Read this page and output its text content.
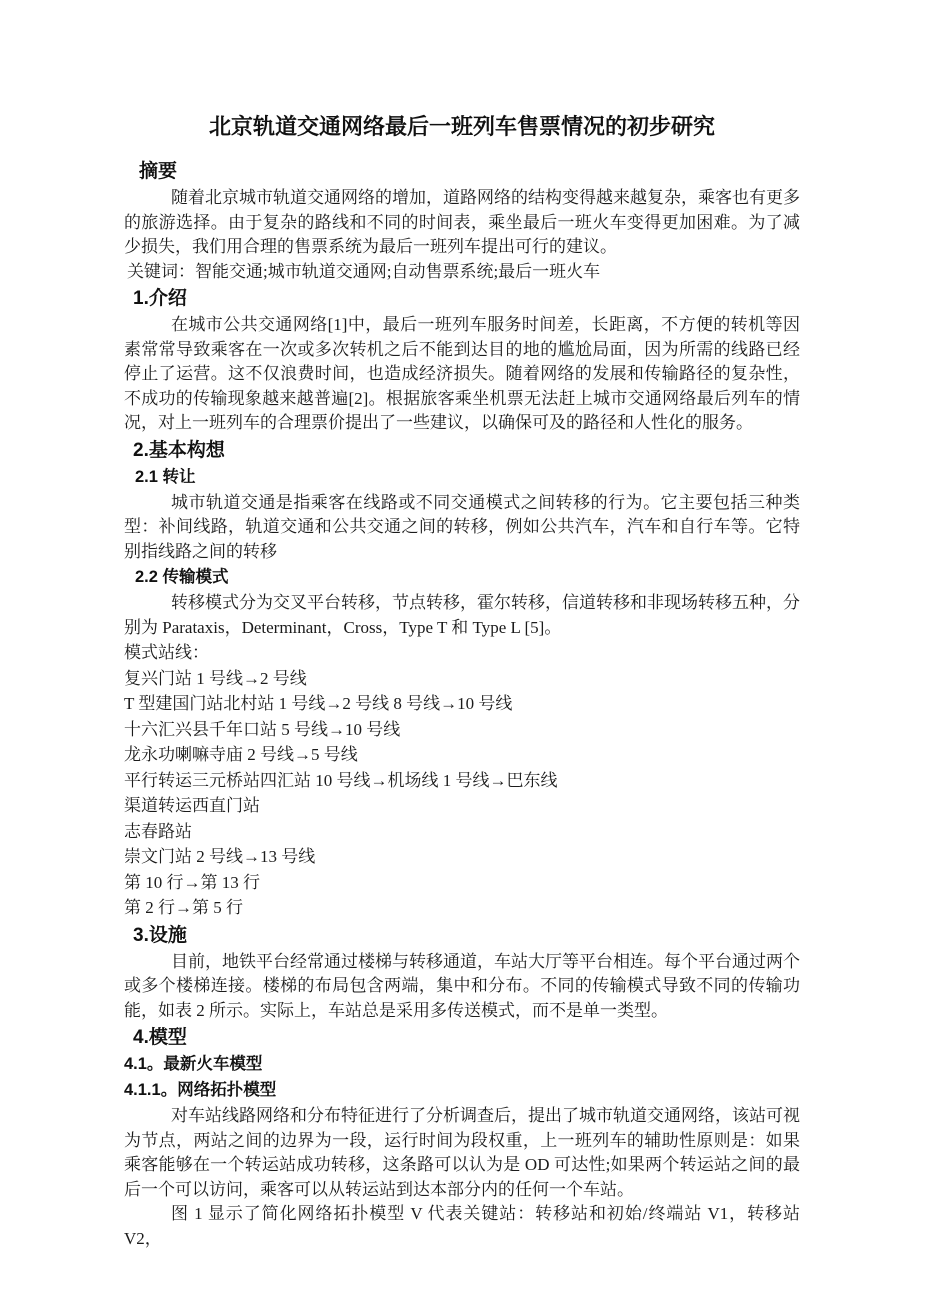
北京轨道交通网络最后一班列车售票情况的初步研究
摘要

随着北京城市轨道交通网络的增加，道路网络的结构变得越来越复杂，乘客也有更多的旅游选择。由于复杂的路线和不同的时间表，乘坐最后一班火车变得更加困难。为了减少损失，我们用合理的售票系统为最后一班列车提出可行的建议。

关键词：智能交通;城市轨道交通网;自动售票系统;最后一班火车

1.介绍

在城市公共交通网络[1]中，最后一班列车服务时间差，长距离，不方便的转机等因素常常导致乘客在一次或多次转机之后不能到达目的地的尴尬局面，因为所需的线路已经停止了运营。这不仅浪费时间，也造成经济损失。随着网络的发展和传输路径的复杂性，不成功的传输现象越来越普遍[2]。根据旅客乘坐机票无法赶上城市交通网络最后列车的情况，对上一班列车的合理票价提出了一些建议，以确保可及的路径和人性化的服务。

2.基本构想
2.1 转让

城市轨道交通是指乘客在线路或不同交通模式之间转移的行为。它主要包括三种类型：补间线路，轨道交通和公共交通之间的转移，例如公共汽车，汽车和自行车等。它特别指线路之间的转移

2.2 传输模式

转移模式分为交叉平台转移，节点转移，霍尔转移，信道转移和非现场转移五种，分别为 Parataxis，Determinant，Cross，Type T 和 Type L [5]。

模式站线：

复兴门站 1 号线→2 号线

T 型建国门站北村站 1 号线→2 号线 8 号线→10 号线

十六汇兴县千年口站 5 号线→10 号线

龙永功喇嘛寺庙 2 号线→5 号线

平行转运三元桥站四汇站 10 号线→机场线 1 号线→巴东线

渠道转运西直门站

志春路站

崇文门站 2 号线→13 号线

第 10 行→第 13 行

第 2 行→第 5 行

3.设施

目前，地铁平台经常通过楼梯与转移通道，车站大厅等平台相连。每个平台通过两个或多个楼梯连接。楼梯的布局包含两端，集中和分布。不同的传输模式导致不同的传输功能，如表 2 所示。实际上，车站总是采用多传送模式，而不是单一类型。

4.模型
4.1。最新火车模型
4.1.1。网络拓扑模型

对车站线路网络和分布特征进行了分析调查后，提出了城市轨道交通网络，该站可视为节点，两站之间的边界为一段，运行时间为段权重，上一班列车的辅助性原则是：如果乘客能够在一个转运站成功转移，这条路可以认为是 OD 可达性;如果两个转运站之间的最后一个可以访问，乘客可以从转运站到达本部分内的任何一个车站。

图 1 显示了简化网络拓扑模型 V 代表关键站：转移站和初始/终端站 V1，转移站 V2，
